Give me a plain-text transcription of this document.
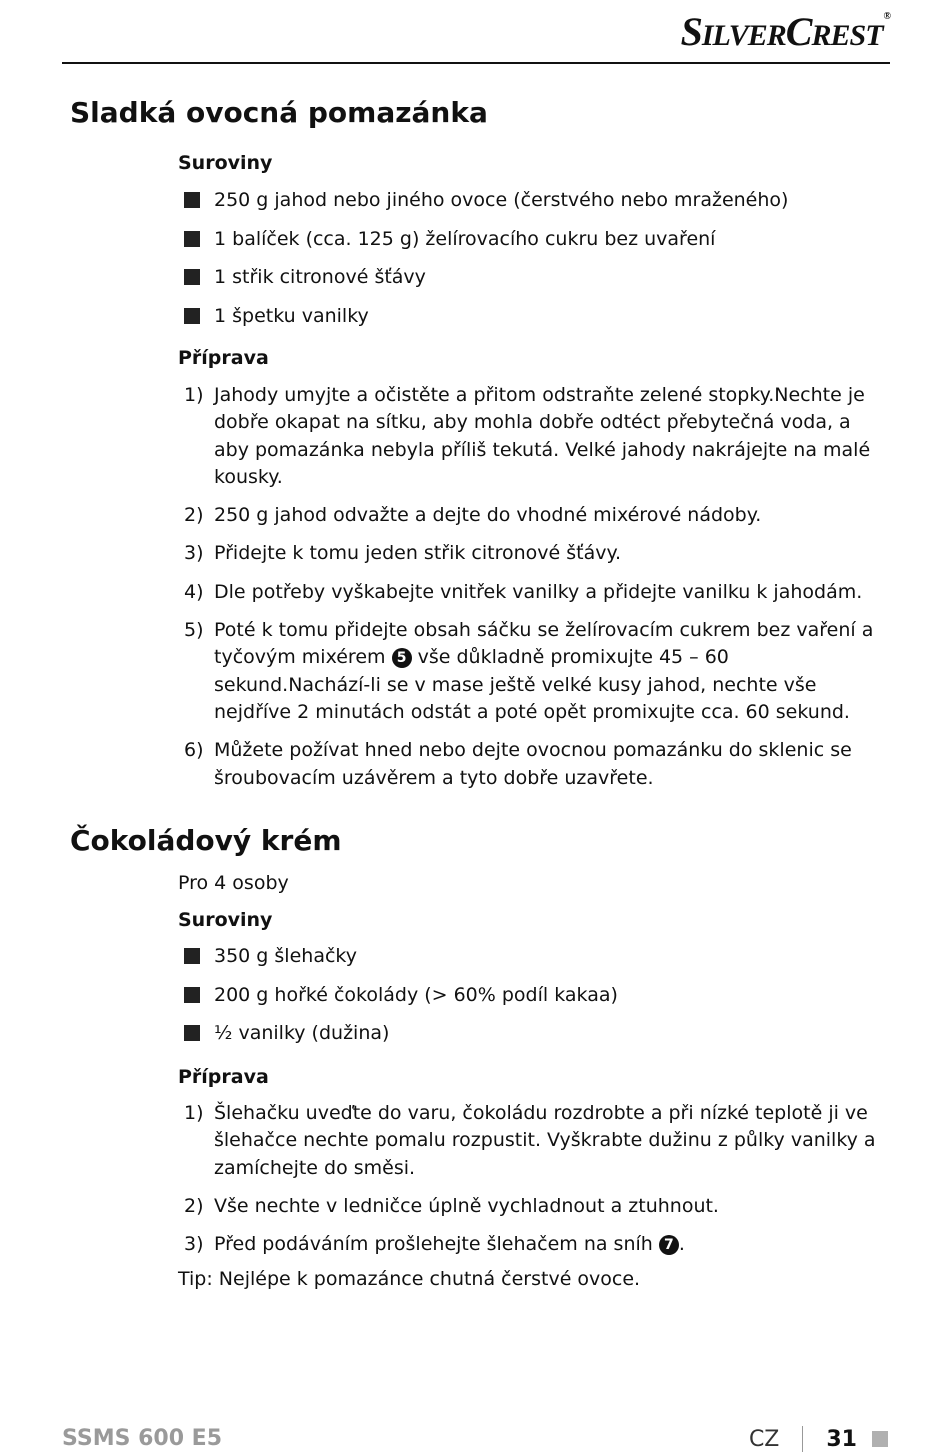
SILVERCREST®
Sladká ovocná pomazánka
Suroviny
250 g jahod nebo jiného ovoce (čerstvého nebo mraženého)
1 balíček (cca. 125 g) želírovacího cukru bez uvaření
1 střik citronové šťávy
1 špetku vanilky
Příprava
1) Jahody umyjte a očistěte a přitom odstraňte zelené stopky.Nechte je dobře okapat na sítku, aby mohla dobře odtéct přebytečná voda, a aby pomazánka nebyla příliš tekutá. Velké jahody nakrájejte na malé kousky.
2) 250 g jahod odvažte a dejte do vhodné mixérové nádoby.
3) Přidejte k tomu jeden střik citronové šťávy.
4) Dle potřeby vyškabejte vnitřek vanilky a přidejte vanilku k jahodám.
5) Poté k tomu přidejte obsah sáčku se želírovacím cukrem bez vaření a tyčovým mixérem 5 vše důkladně promixujte 45 – 60 sekund.Nachází-li se v mase ještě velké kusy jahod, nechte vše nejdříve 2 minutách odstát a poté opět promixujte cca. 60 sekund.
6) Můžete požívat hned nebo dejte ovocnou pomazánku do sklenic se šroubovacím uzávěrem a tyto dobře uzavřete.
Čokoládový krém

Pro 4 osoby

Suroviny
350 g šlehačky
200 g hořké čokolády (> 60% podíl kakaa)
½ vanilky (dužina)
Příprava
1) Šlehačku uveďte do varu, čokoládu rozdrobte a při nízké teplotě ji ve šlehačce nechte pomalu rozpustit. Vyškrabte dužinu z půlky vanilky a zamíchejte do směsi.
2) Vše nechte v ledničce úplně vychladnout a ztuhnout.
3) Před podáváním prošlehejte šlehačem na sníh 7 .

Tip: Nejlépe k pomazánce chutná čerstvé ovoce.

SSMS 600 E5	CZ 31
